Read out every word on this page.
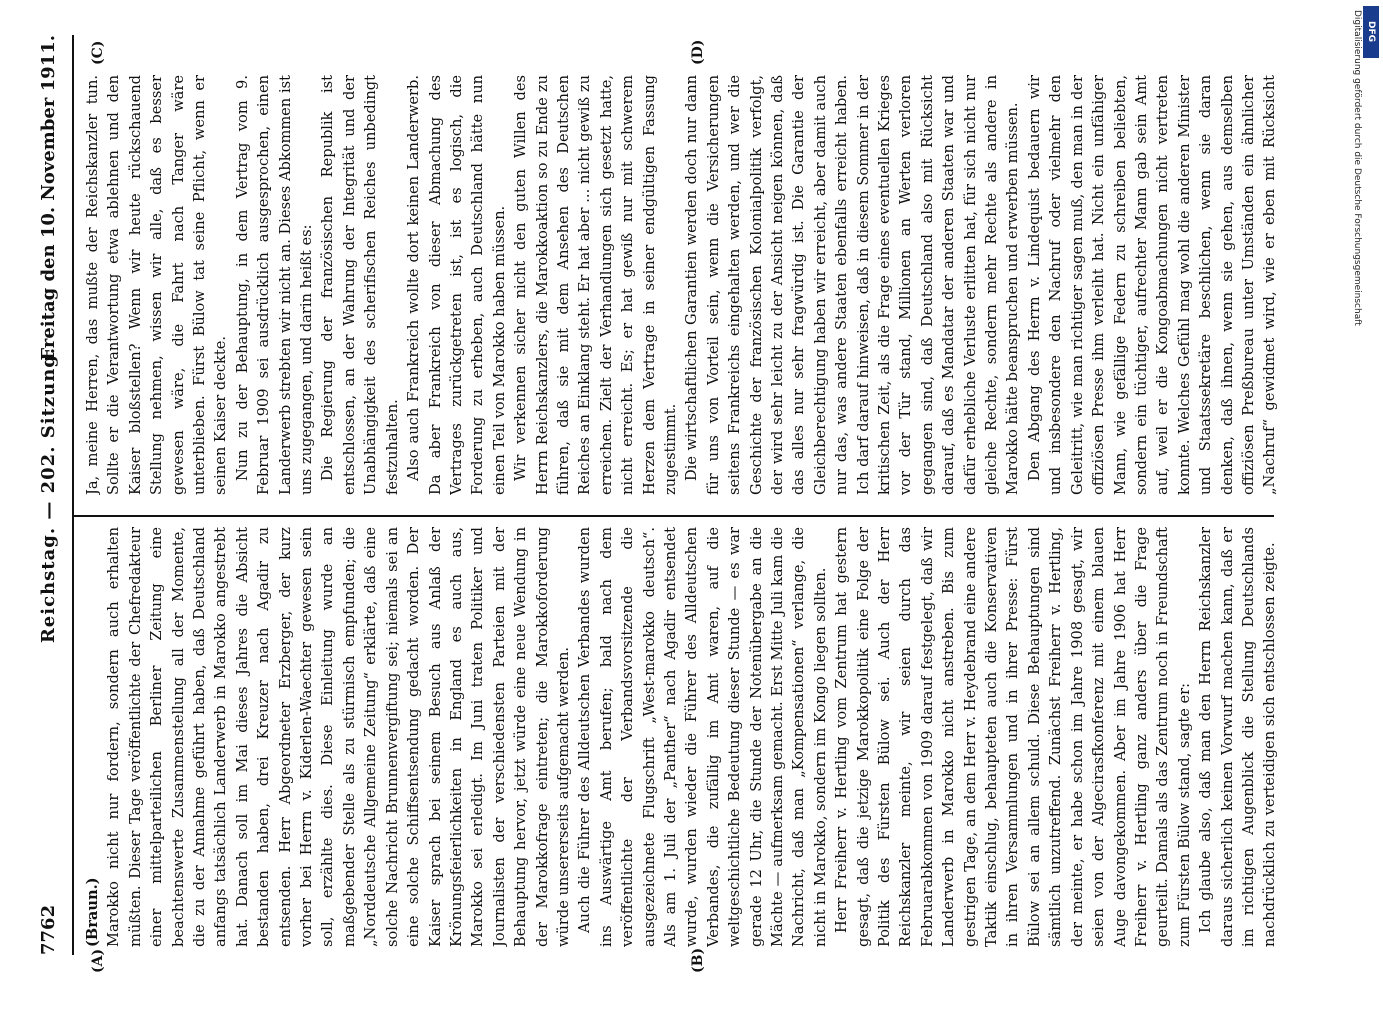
7762
Reichstag. — 202. Sitzung.
Freitag den 10. November 1911.
(A)	(B)
(C)	(D)

(Braun.) Marokko nicht nur fordern, sondern auch erhalten müßten. Dieser Tage veröffentlichte der Chefredakteur einer mittelparteilichen Berliner Zeitung eine beachtenswerte Zusammenstellung all der Momente, die zu der Annahme geführt haben, daß Deutschland anfangs tatsächlich Landerwerb in Marokko angestrebt hat. Danach soll im Mai dieses Jahres die Absicht bestanden haben, drei Kreuzer nach Agadir zu entsenden. Herr Abgeordneter Erzberger, der kurz vorher bei Herrn v. Kiderlen-Waechter gewesen sein soll, erzählte dies. Diese Einleitung wurde an maßgebender Stelle als zu stürmisch empfunden; die „Norddeutsche Allgemeine Zeitung“ erklärte, daß eine solche Nachricht Brunnenvergiftung sei; niemals sei an eine solche Schiffsentsendung gedacht worden. Der Kaiser sprach bei seinem Besuch aus Anlaß der Krönungsfeierlichkeiten in England es auch aus, Marokko sei erledigt. Im Juni traten Politiker und Journalisten der verschiedensten Parteien mit der Behauptung hervor, jetzt würde eine neue Wendung in der Marokkofrage eintreten; die Marokkoforderung würde unsererseits aufgemacht werden. Auch die Führer des Alldeutschen Verbandes wurden ins Auswärtige Amt berufen; bald nach dem veröffentlichte der Verbandsvorsitzende die ausgezeichnete Flugschrift „West-marokko deutsch“. Als am 1. Juli der „Panther“ nach Agadir entsendet wurde, wurden wieder die Führer des Alldeutschen Verbandes, die zufällig im Amt waren, auf die weltgeschichtliche Bedeutung dieser Stunde — es war gerade 12 Uhr, die Stunde der Notenübergabe an die Mächte — aufmerksam gemacht. Erst Mitte Juli kam die Nachricht, daß man „Kompensationen“ verlange, die nicht in Marokko, sondern im Kongo liegen sollten. Herr Freiherr v. Hertling vom Zentrum hat gestern gesagt, daß die jetzige Marokkopolitik eine Folge der Politik des Fürsten Bülow sei. Auch der Herr Reichskanzler meinte, wir seien durch das Februarabkommen von 1909 darauf festgelegt, daß wir Landerwerb in Marokko nicht anstreben. Bis zum gestrigen Tage, an dem Herr v. Heydebrand eine andere Taktik einschlug, behaupteten auch die Konservativen in ihren Versammlungen und in ihrer Presse: Fürst Bülow sei an allem schuld. Diese Behauptungen sind sämtlich unzutreffend. Zunächst Freiherr v. Hertling, der meinte, er habe schon im Jahre 1908 gesagt, wir seien von der Algecirasfkonferenz mit einem blauen Auge davongekommen. Aber im Jahre 1906 hat Herr Freiherr v. Hertling ganz anders über die Frage geurteilt. Damals als das Zentrum noch in Freundschaft zum Fürsten Bülow stand, sagte er: Ich glaube also, daß man den Herrn Reichskanzler daraus sicherlich keinen Vorwurf machen kann, daß er im richtigen Augenblick die Stellung Deutschlands nachdrücklich zu verteidigen sich entschlossen zeigte.

Ja, meine Herren, das mußte der Reichskanzler tun. Sollte er die Verantwortung etwa ablehnen und den Kaiser bloßstellen? Wenn wir heute rückschauend Stellung nehmen, wissen wir alle, daß es besser gewesen wäre, die Fahrt nach Tanger wäre unterblieben. Fürst Bülow tat seine Pflicht, wenn er seinen Kaiser deckte. Nun zu der Behauptung, in dem Vertrag vom 9. Februar 1909 sei ausdrücklich ausgesprochen, einen Landerwerb strebten wir nicht an. Dieses Abkommen ist uns zugegangen, und darin heißt es: Die Regierung der französischen Republik ist entschlossen, an der Wahrung der Integrität und der Unabhängigkeit des scherifischen Reiches unbedingt festzuhalten. Also auch Frankreich wollte dort keinen Landerwerb. Da aber Frankreich von dieser Abmachung des Vertrages zurückgetreten ist, ist es logisch, die Forderung zu erheben, auch Deutschland hätte nun einen Teil von Marokko haben müssen. Wir verkennen sicher nicht den guten Willen des Herrn Reichskanzlers, die Marokkoaktion so zu Ende zu führen, daß sie mit dem Ansehen des Deutschen Reiches an Einklang steht. Er hat aber ... nicht gewiß zu erreichen. Zielt der Verhandlungen sich gesetzt hatte, nicht erreicht. Es; er hat gewiß nur mit schwerem Herzen dem Vertrage in seiner endgültigen Fassung zugestimmt. Die wirtschaftlichen Garantien werden doch nur dann für uns von Vorteil sein, wenn die Versicherungen seitens Frankreichs eingehalten werden, und wer die Geschichte der französischen Kolonialpolitik verfolgt, der wird sehr leicht zu der Ansicht neigen können, daß das alles nur sehr fragwürdig ist. Die Garantie der Gleichberechtigung haben wir erreicht, aber damit auch nur das, was andere Staaten ebenfalls erreicht haben. Ich darf darauf hinweisen, daß in diesem Sommer in der kritischen Zeit, als die Frage eines eventuellen Krieges vor der Tür stand, Millionen an Werten verloren gegangen sind, daß Deutschland also mit Rücksicht darauf, daß es Mandatar der anderen Staaten war und dafür erhebliche Verluste erlitten hat, für sich nicht nur gleiche Rechte, sondern mehr Rechte als andere in Marokko hätte beanspruchen und erwerben müssen. Den Abgang des Herrn v. Lindequist bedauern wir und insbesondere den Nachruf oder vielmehr den Geleitritt, wie man richtiger sagen muß, den man in der offiziösen Presse ihm verleiht hat. Nicht ein unfähiger Mann, wie gefällige Federn zu schreiben beliebten, sondern ein tüchtiger, aufrechter Mann gab sein Amt auf, weil er die Kongoabmachungen nicht vertreten konnte. Welches Gefühl mag wohl die anderen Minister und Staatssekretäre beschlichen, wenn sie daran denken, daß ihnen, wenn sie gehen, aus demselben offiziösen Preßbureau unter Umständen ein ähnlicher „Nachruf“ gewidmet wird, wie er eben mit Rücksicht	Digitalisierung gefördert durch die Deutsche Forschungsgemeinschaft DFG
